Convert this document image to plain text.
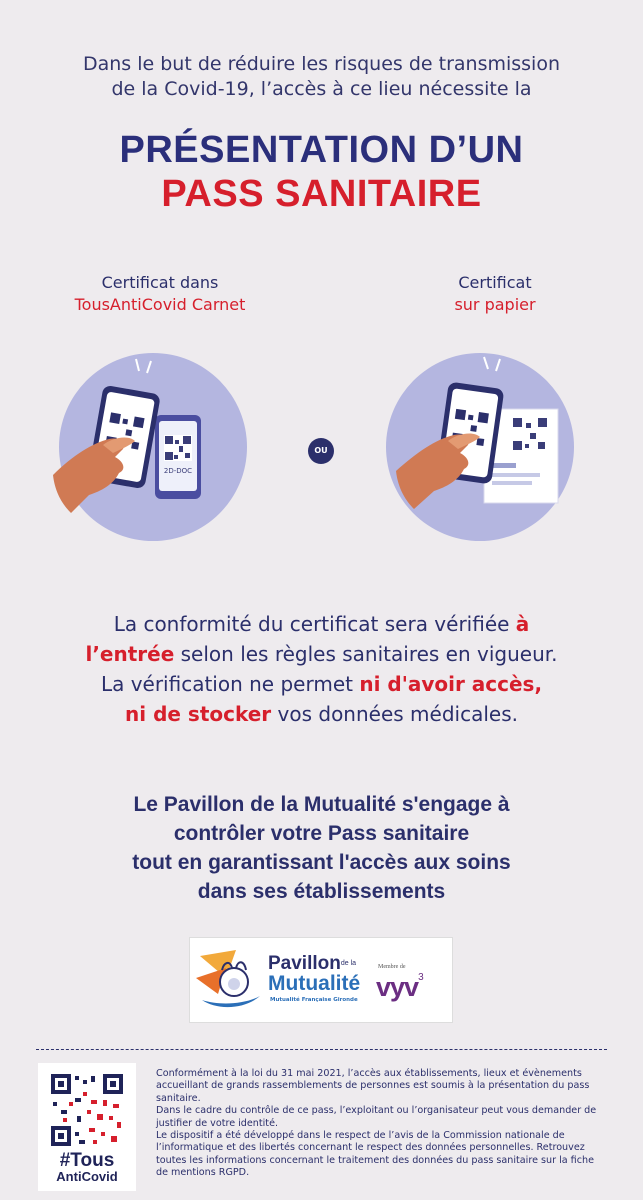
Dans le but de réduire les risques de transmission
de la Covid-19, l’accès à ce lieu nécessite la
PRÉSENTATION D’UN
PASS SANITAIRE
Certificat dans
TousAntiCovid Carnet
Certificat
sur papier
2D-DOC
OU
La conformité du certificat sera vérifiée à
l’entrée selon les règles sanitaires en vigueur.
La vérification ne permet ni d'avoir accès,
ni de stocker vos données médicales.
Le Pavillon de la Mutualité s'engage à
contrôler votre Pass sanitaire
tout en garantissant l'accès aux soins
dans ses établissements
Pavillon$^{de la}$
Mutualité
Mutualité Française Gironde
Membre de
vyv$^3$
#Tous
AntiCovid

Conformément à la loi du 31 mai 2021, l’accès aux établissements, lieux et évènements accueillant de grands rassemblements de personnes est soumis à la présentation du pass sanitaire.

Dans le cadre du contrôle de ce pass, l’exploitant ou l’organisateur peut vous demander de justifier de votre identité.

Le dispositif a été développé dans le respect de l’avis de la Commission nationale de l’informatique et des libertés concernant le respect des données personnelles. Retrouvez toutes les informations concernant le traitement des données du pass sanitaire sur la fiche de mentions RGPD.
